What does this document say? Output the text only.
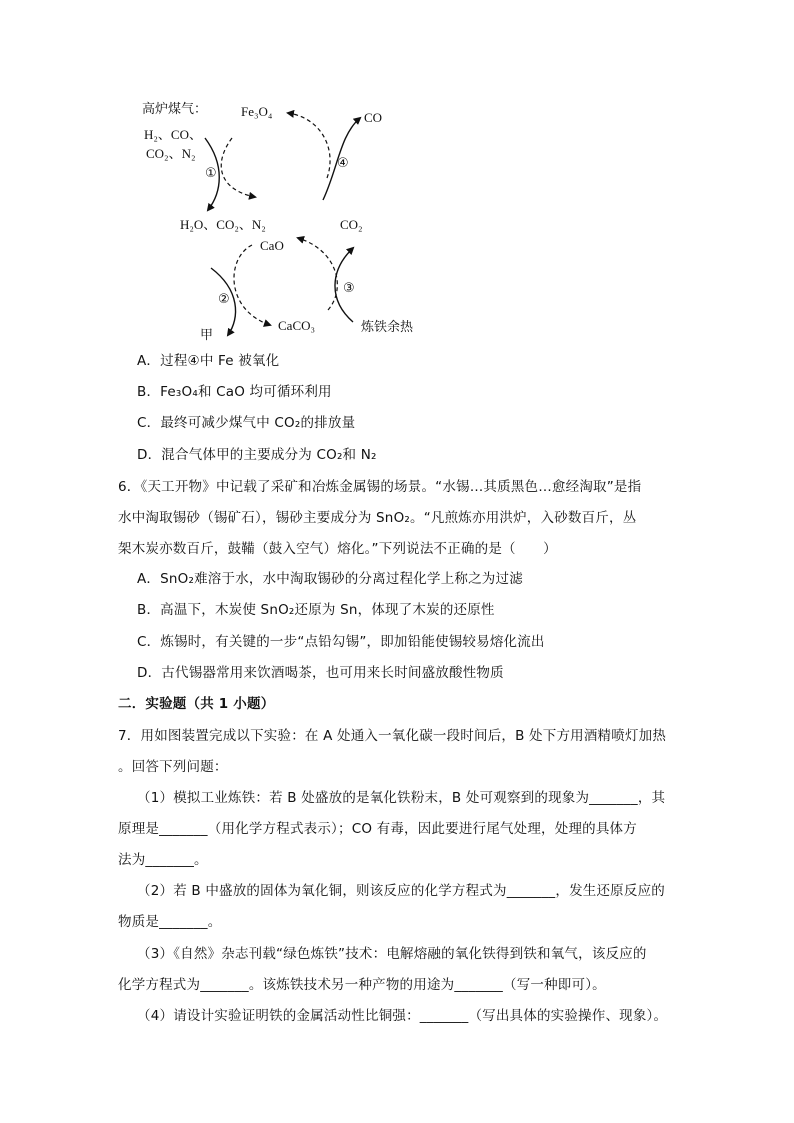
高炉煤气：
H₂、CO、
CO₂、N₂
Fe₃O₄	CO
①
④
H₂O、CO₂、N₂	CO₂
CaO
②
③
甲
CaCO₃	炼铁余热
A．过程④中 Fe 被氧化
B．Fe₃O₄和 CaO 均可循环利用
C．最终可减少煤气中 CO₂的排放量
D．混合气体甲的主要成分为 CO₂和 N₂
6．《天工开物》中记载了采矿和冶炼金属锡的场景。“水锡…其质黑色…愈经淘取”是指
水中淘取锡砂（锡矿石），锡砂主要成分为 SnO₂。“凡煎炼亦用洪炉，入砂数百斤，丛
架木炭亦数百斤，鼓鞴（鼓入空气）熔化。”下列说法不正确的是（　　）
A．SnO₂难溶于水，水中淘取锡砂的分离过程化学上称之为过滤
B．高温下，木炭使 SnO₂还原为 Sn，体现了木炭的还原性
C．炼锡时，有关键的一步“点铅勾锡”，即加铅能使锡较易熔化流出
D．古代锡器常用来饮酒喝茶，也可用来长时间盛放酸性物质
二．实验题（共 1 小题）
7．用如图装置完成以下实验：在 A 处通入一氧化碳一段时间后，B 处下方用酒精喷灯加热
。回答下列问题：
（1）模拟工业炼铁：若 B 处盛放的是氧化铁粉末，B 处可观察到的现象为_______，其
原理是_______（用化学方程式表示）；CO 有毒，因此要进行尾气处理，处理的具体方
法为_______。
（2）若 B 中盛放的固体为氧化铜，则该反应的化学方程式为_______，发生还原反应的
物质是_______。
（3）《自然》杂志刊载“绿色炼铁”技术：电解熔融的氧化铁得到铁和氧气，该反应的
化学方程式为_______。该炼铁技术另一种产物的用途为_______（写一种即可）。
（4）请设计实验证明铁的金属活动性比铜强：_______（写出具体的实验操作、现象）。
